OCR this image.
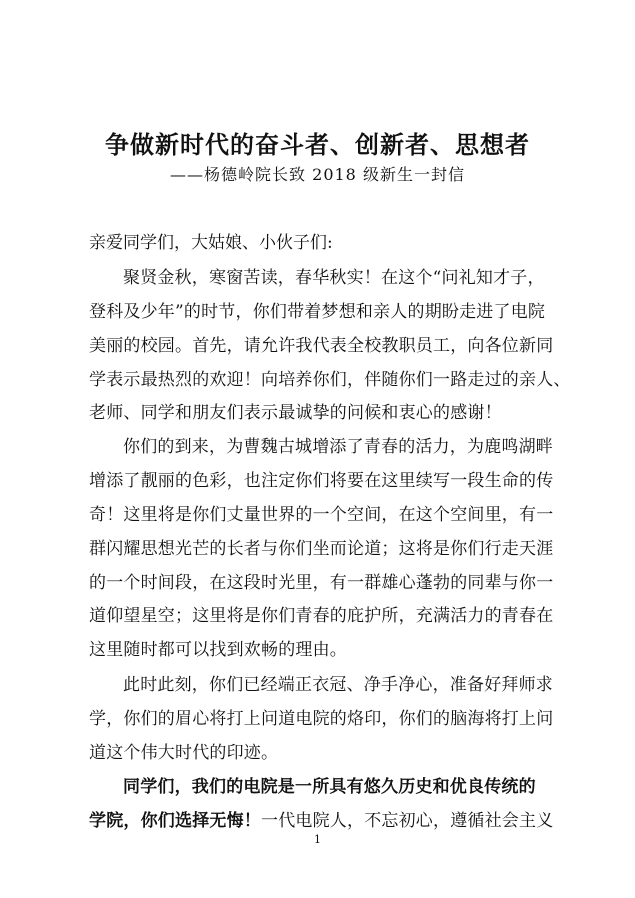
争做新时代的奋斗者、创新者、思想者
——杨德岭院长致 2018 级新生一封信
亲爱同学们，大姑娘、小伙子们:
聚贤金秋，寒窗苦读，春华秋实！在这个“问礼知才子，
登科及少年”的时节，你们带着梦想和亲人的期盼走进了电院
美丽的校园。首先，请允许我代表全校教职员工，向各位新同
学表示最热烈的欢迎！向培养你们，伴随你们一路走过的亲人、
老师、同学和朋友们表示最诚挚的问候和衷心的感谢！
你们的到来，为曹魏古城增添了青春的活力，为鹿鸣湖畔
增添了靓丽的色彩，也注定你们将要在这里续写一段生命的传
奇！这里将是你们丈量世界的一个空间，在这个空间里，有一
群闪耀思想光芒的长者与你们坐而论道；这将是你们行走天涯
的一个时间段，在这段时光里，有一群雄心蓬勃的同辈与你一
道仰望星空；这里将是你们青春的庇护所，充满活力的青春在
这里随时都可以找到欢畅的理由。
此时此刻，你们已经端正衣冠、净手净心，准备好拜师求
学，你们的眉心将打上问道电院的烙印，你们的脑海将打上问
道这个伟大时代的印迹。
同学们，我们的电院是一所具有悠久历史和优良传统的
学院，你们选择无悔！一代电院人，不忘初心，遵循社会主义
1
